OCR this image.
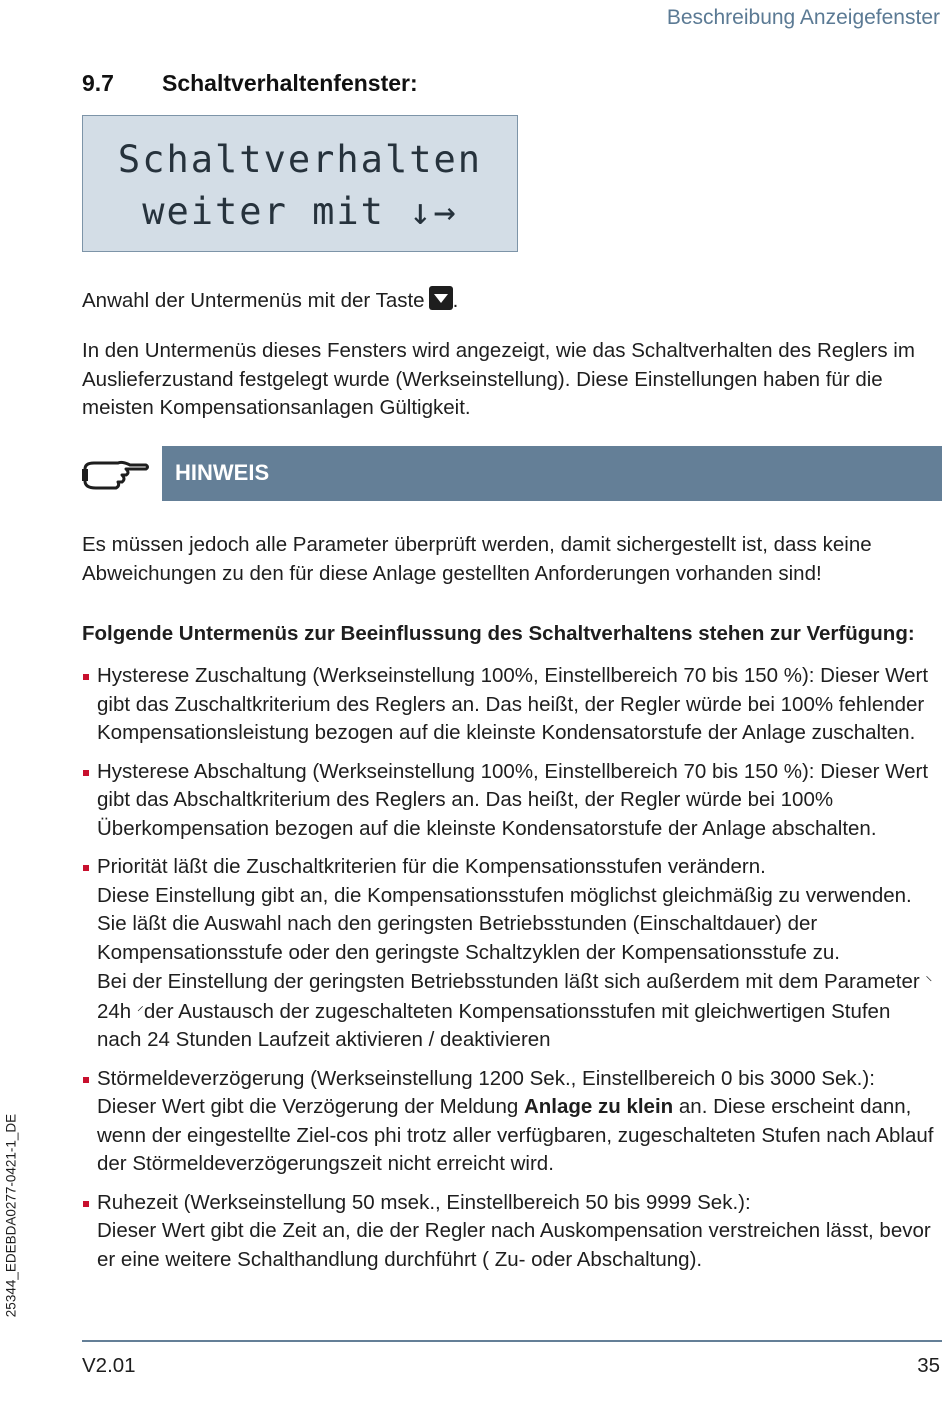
Beschreibung Anzeigefenster
9.7 Schaltverhaltenfenster:
Schaltverhalten
weiter mit ↓→

Anwahl der Untermenüs mit der Taste .

In den Untermenüs dieses Fensters wird angezeigt, wie das Schaltverhalten des Reglers im Auslieferzustand festgelegt wurde (Werkseinstellung). Diese Einstellungen haben für die meisten Kompensationsanlagen Gültigkeit.

HINWEIS

Es müssen jedoch alle Parameter überprüft werden, damit sichergestellt ist, dass keine Abweichungen zu den für diese Anlage gestellten Anforderungen vorhanden sind!

Folgende Untermenüs zur Beeinflussung des Schaltverhaltens stehen zur Verfügung:
Hysterese Zuschaltung (Werkseinstellung 100%, Einstellbereich 70 bis 150 %): Dieser Wert gibt das Zuschaltkriterium des Reglers an. Das heißt, der Regler würde bei 100% fehlender Kompensationsleistung bezogen auf die kleinste Kondensatorstufe der Anlage zuschalten.
Hysterese Abschaltung (Werkseinstellung 100%, Einstellbereich 70 bis 150 %): Dieser Wert gibt das Abschaltkriterium des Reglers an. Das heißt, der Regler würde bei 100% Überkompensation bezogen auf die kleinste Kondensatorstufe der Anlage abschalten.
Priorität läßt die Zuschaltkriterien für die Kompensationsstufen verändern.
Diese Einstellung gibt an, die Kompensationsstufen möglichst gleichmäßig zu verwenden. Sie läßt die Auswahl nach den geringsten Betriebsstunden (Einschaltdauer) der Kompensationsstufe oder den geringste Schaltzyklen der Kompensationsstufe zu.
Bei der Einstellung der geringsten Betriebsstunden läßt sich außerdem mit dem Parameter ⸌ 24h ⸍der Austausch der zugeschalteten Kompensationsstufen mit gleichwertigen Stufen nach 24 Stunden Laufzeit aktivieren / deaktivieren
Störmeldeverzögerung (Werkseinstellung 1200 Sek., Einstellbereich 0 bis 3000 Sek.):
Dieser Wert gibt die Verzögerung der Meldung Anlage zu klein an. Diese erscheint dann, wenn der eingestellte Ziel-cos phi trotz aller verfügbaren, zugeschalteten Stufen nach Ablauf der Störmeldeverzögerungszeit nicht erreicht wird.
Ruhezeit (Werkseinstellung 50 msek., Einstellbereich 50 bis 9999 Sek.):
Dieser Wert gibt die Zeit an, die der Regler nach Auskompensation verstreichen lässt, bevor er eine weitere Schalthandlung durchführt ( Zu- oder Abschaltung).
25344_EDEBDA0277-0421-1_DE
V2.01	35
